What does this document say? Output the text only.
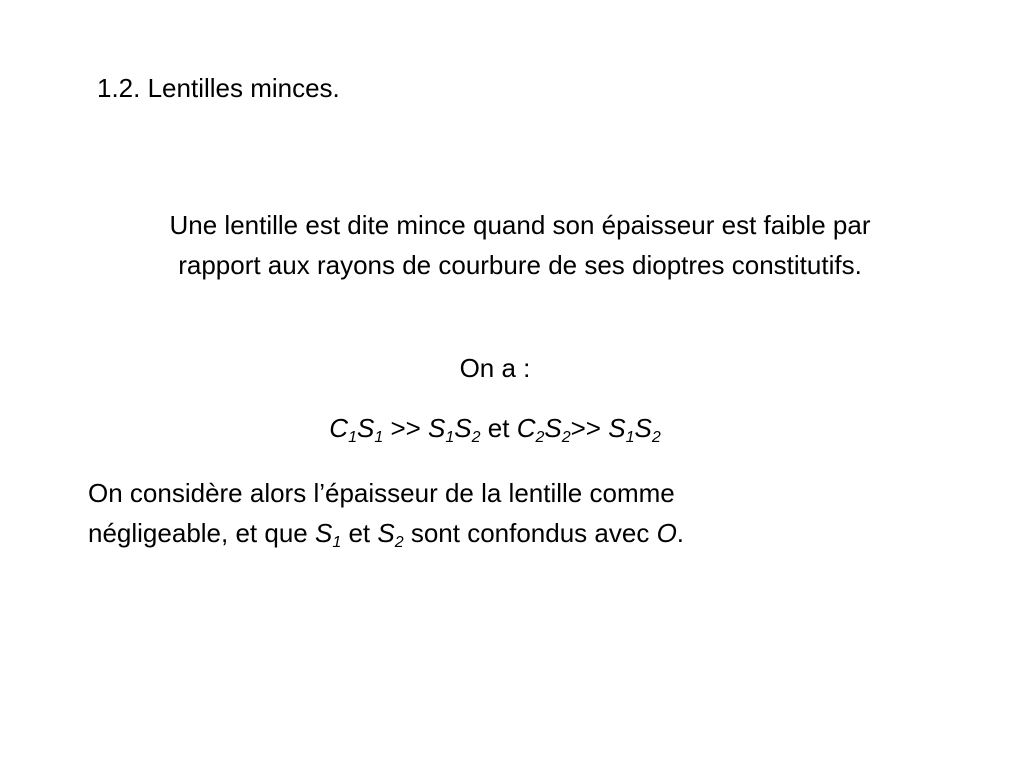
1.2. Lentilles minces.
Une lentille est dite mince quand son épaisseur est faible par
rapport aux rayons de courbure de ses dioptres constitutifs.
On a :
$C_1S_1 >> S_1S_2$ et $C_2S_2>> S_1S_2$
On considère alors l’épaisseur de la lentille comme
négligeable, et que $S_1$ et $S_2$ sont confondus avec O.
